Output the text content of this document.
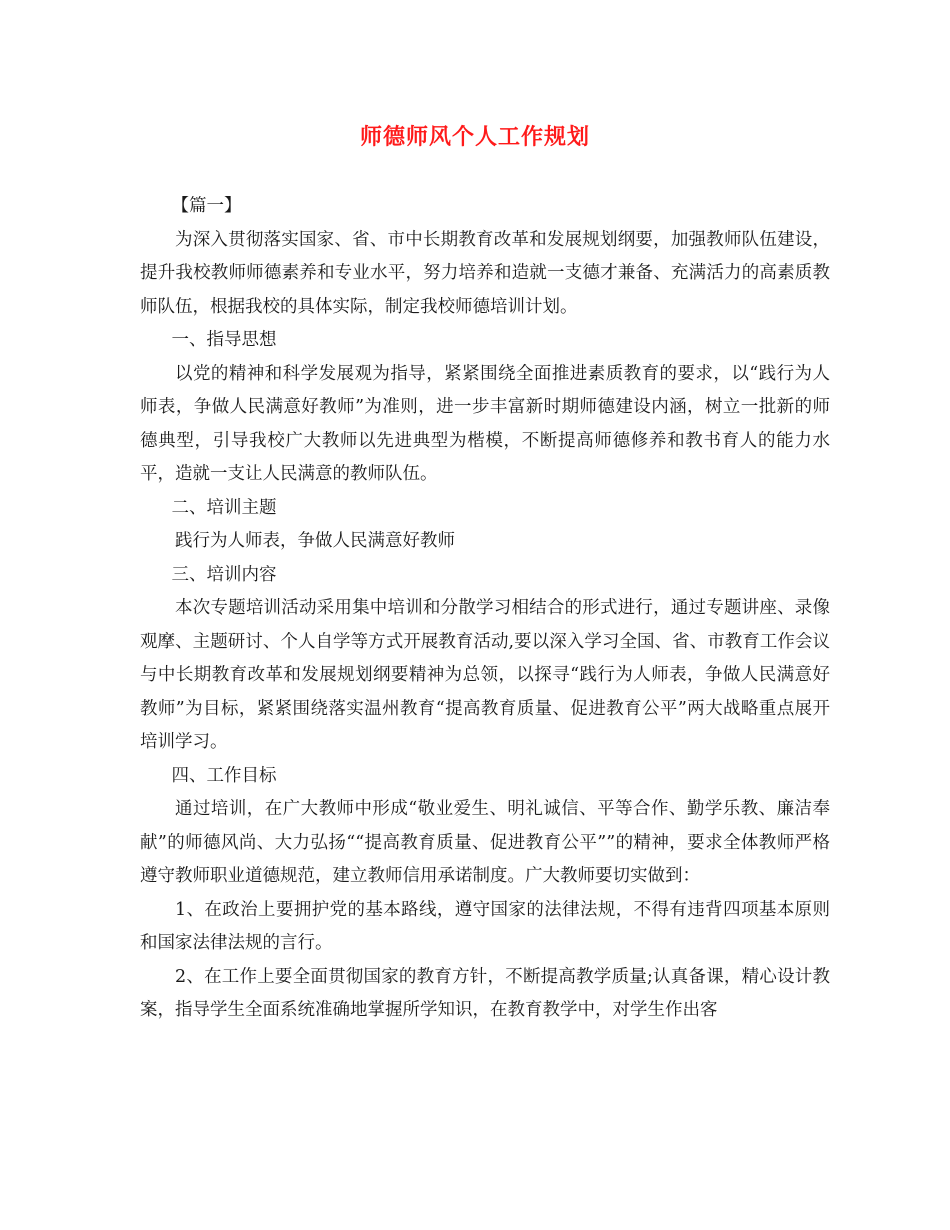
师德师风个人工作规划

【篇一】

为深入贯彻落实国家、省、市中长期教育改革和发展规划纲要，加强教师队伍建设，提升我校教师师德素养和专业水平，努力培养和造就一支德才兼备、充满活力的高素质教师队伍，根据我校的具体实际，制定我校师德培训计划。

一、指导思想

以党的精神和科学发展观为指导，紧紧围绕全面推进素质教育的要求，以“践行为人师表，争做人民满意好教师”为准则，进一步丰富新时期师德建设内涵，树立一批新的师德典型，引导我校广大教师以先进典型为楷模，不断提高师德修养和教书育人的能力水平，造就一支让人民满意的教师队伍。

二、培训主题

践行为人师表，争做人民满意好教师

三、培训内容

本次专题培训活动采用集中培训和分散学习相结合的形式进行，通过专题讲座、录像观摩、主题研讨、个人自学等方式开展教育活动,要以深入学习全国、省、市教育工作会议与中长期教育改革和发展规划纲要精神为总领，以探寻“践行为人师表，争做人民满意好教师”为目标，紧紧围绕落实温州教育“提高教育质量、促进教育公平”两大战略重点展开培训学习。

四、工作目标

通过培训，在广大教师中形成“敬业爱生、明礼诚信、平等合作、勤学乐教、廉洁奉献”的师德风尚、大力弘扬““提高教育质量、促进教育公平””的精神，要求全体教师严格遵守教师职业道德规范，建立教师信用承诺制度。广大教师要切实做到：

1、在政治上要拥护党的基本路线，遵守国家的法律法规，不得有违背四项基本原则和国家法律法规的言行。

2、在工作上要全面贯彻国家的教育方针，不断提高教学质量;认真备课，精心设计教案，指导学生全面系统准确地掌握所学知识，在教育教学中，对学生作出客
